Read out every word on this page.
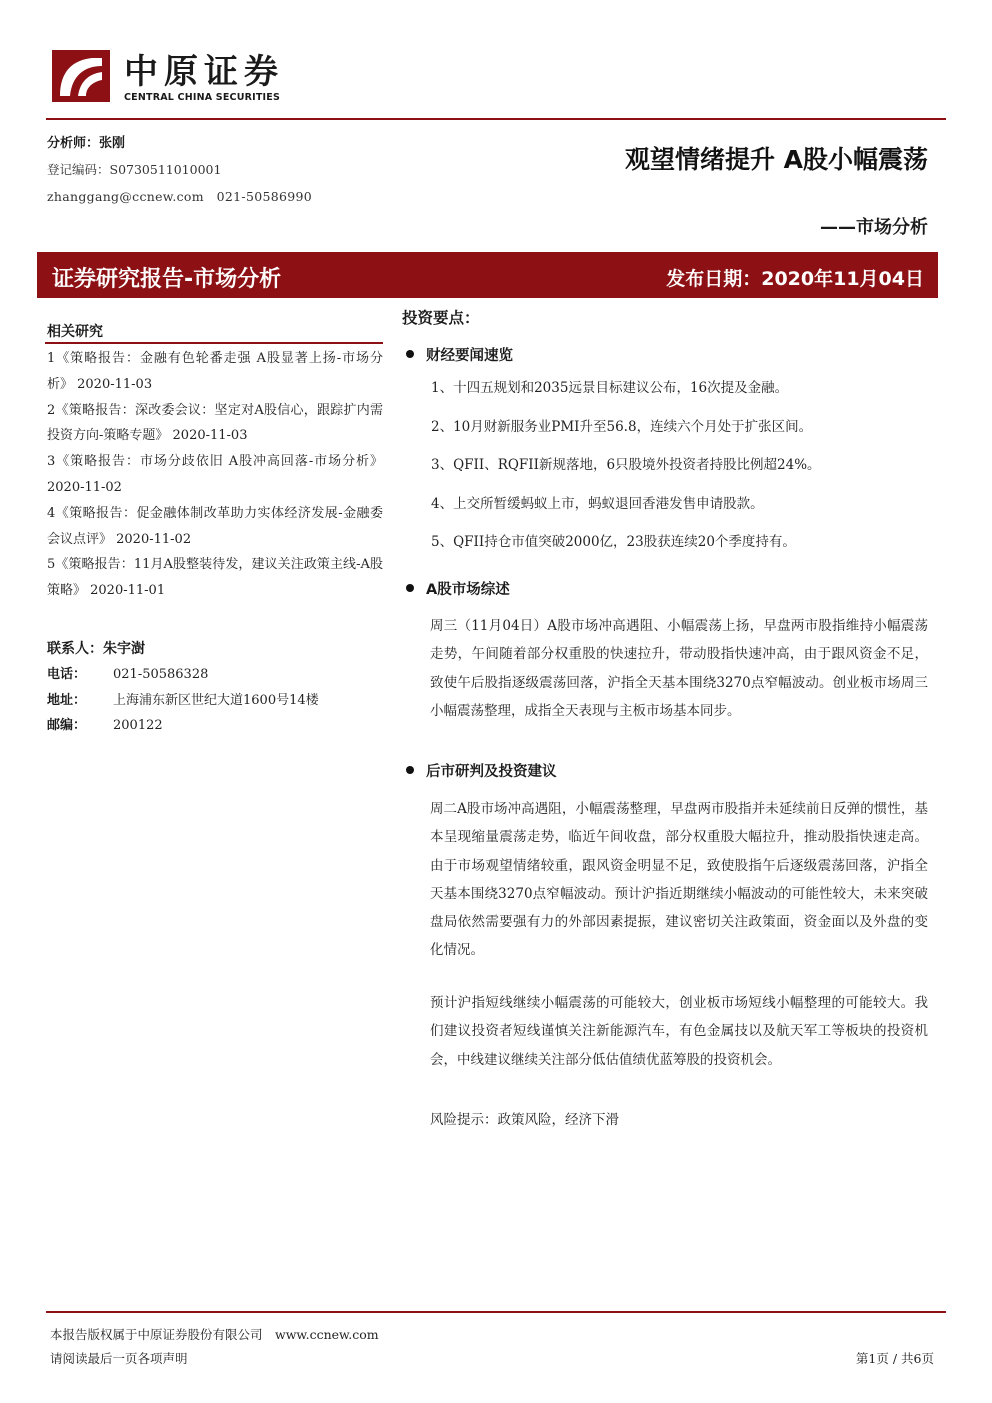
中原证券
CENTRAL CHINA SECURITIES
分析师：张刚
登记编码：S0730511010001
zhanggang@ccnew.com　021-50586990
观望情绪提升 A股小幅震荡
——市场分析
证券研究报告-市场分析	发布日期：2020年11月04日
相关研究
1《策略报告：金融有色轮番走强 A股显著上扬-市场分析》 2020-11-03
2《策略报告：深改委会议：坚定对A股信心，跟踪扩内需投资方向-策略专题》 2020-11-03
3《策略报告：市场分歧依旧 A股冲高回落-市场分析》 2020-11-02
4《策略报告：促金融体制改革助力实体经济发展-金融委会议点评》 2020-11-02
5《策略报告：11月A股整装待发，建议关注政策主线-A股策略》 2020-11-01
联系人：朱宇澍
电话：	021-50586328
地址：	上海浦东新区世纪大道1600号14楼
邮编：	200122
投资要点：
财经要闻速览
1、十四五规划和2035远景目标建议公布，16次提及金融。
2、10月财新服务业PMI升至56.8，连续六个月处于扩张区间。
3、QFII、RQFII新规落地，6只股境外投资者持股比例超24%。
4、上交所暂缓蚂蚁上市，蚂蚁退回香港发售申请股款。
5、QFII持仓市值突破2000亿，23股获连续20个季度持有。
A股市场综述

周三（11月04日）A股市场冲高遇阻、小幅震荡上扬，早盘两市股指维持小幅震荡走势，午间随着部分权重股的快速拉升，带动股指快速冲高，由于跟风资金不足，致使午后股指逐级震荡回落，沪指全天基本围绕3270点窄幅波动。创业板市场周三小幅震荡整理，成指全天表现与主板市场基本同步。

后市研判及投资建议

周二A股市场冲高遇阻，小幅震荡整理，早盘两市股指并未延续前日反弹的惯性，基本呈现缩量震荡走势，临近午间收盘，部分权重股大幅拉升，推动股指快速走高。由于市场观望情绪较重，跟风资金明显不足，致使股指午后逐级震荡回落，沪指全天基本围绕3270点窄幅波动。预计沪指近期继续小幅波动的可能性较大，未来突破盘局依然需要强有力的外部因素提振，建议密切关注政策面，资金面以及外盘的变化情况。

预计沪指短线继续小幅震荡的可能较大，创业板市场短线小幅整理的可能较大。我们建议投资者短线谨慎关注新能源汽车，有色金属技以及航天军工等板块的投资机会，中线建议继续关注部分低估值绩优蓝筹股的投资机会。

风险提示：政策风险，经济下滑

本报告版权属于中原证券股份有限公司　www.ccnew.com
请阅读最后一页各项声明	第1页 / 共6页
